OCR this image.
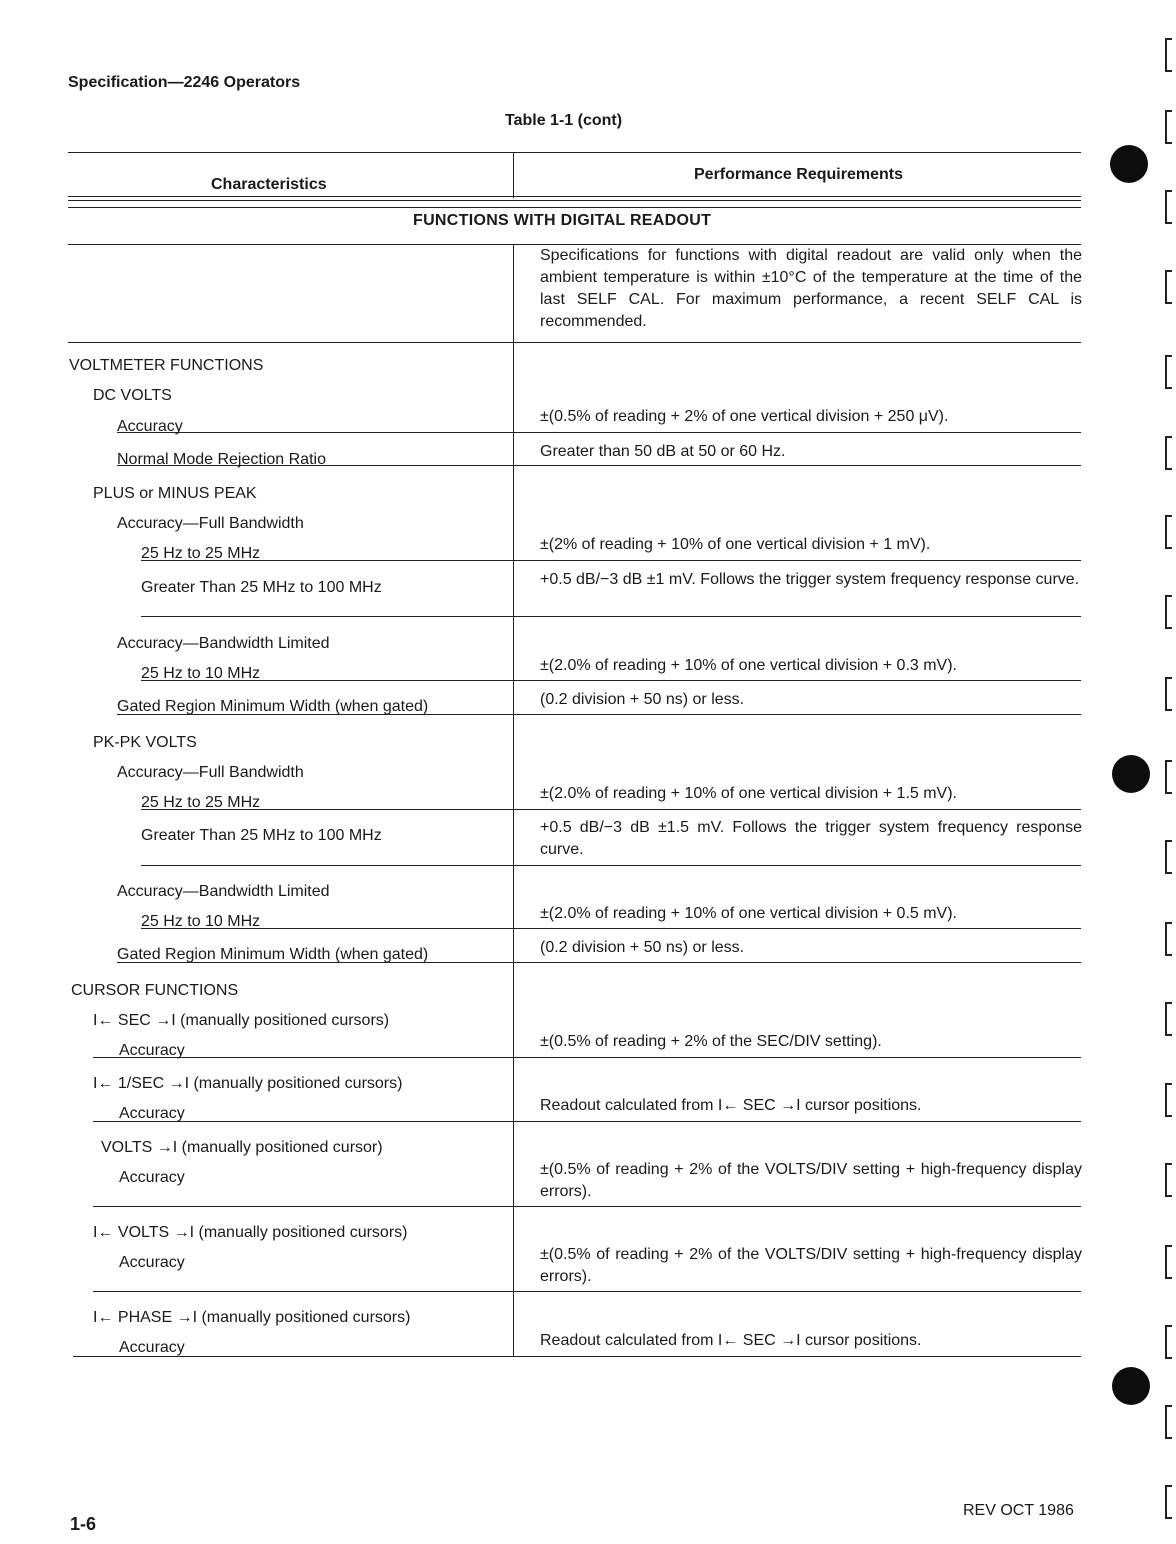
Specification—2246 Operators
Table 1-1 (cont)
Characteristics
Performance Requirements
FUNCTIONS WITH DIGITAL READOUT
Specifications for functions with digital readout are valid only when the ambient temperature is within ±10°C of the temperature at the time of the last SELF CAL. For maximum performance, a recent SELF CAL is recommended.
VOLTMETER FUNCTIONS
DC VOLTS
Accuracy
Normal Mode Rejection Ratio
PLUS or MINUS PEAK
Accuracy—Full Bandwidth
25 Hz to 25 MHz
Greater Than 25 MHz to 100 MHz
Accuracy—Bandwidth Limited
25 Hz to 10 MHz
Gated Region Minimum Width (when gated)
PK-PK VOLTS
Accuracy—Full Bandwidth
25 Hz to 25 MHz
Greater Than 25 MHz to 100 MHz
Accuracy—Bandwidth Limited
25 Hz to 10 MHz
Gated Region Minimum Width (when gated)
CURSOR FUNCTIONS
I← SEC →I (manually positioned cursors)
Accuracy
I← 1/SEC →I (manually positioned cursors)
Accuracy
VOLTS →I (manually positioned cursor)
Accuracy
I← VOLTS →I (manually positioned cursors)
Accuracy
I← PHASE →I (manually positioned cursors)
Accuracy
±(0.5% of reading + 2% of one vertical division + 250 μV).
Greater than 50 dB at 50 or 60 Hz.
±(2% of reading + 10% of one vertical division + 1 mV).
+0.5 dB/−3 dB ±1 mV. Follows the trigger system frequency response curve.
±(2.0% of reading + 10% of one vertical division + 0.3 mV).
(0.2 division + 50 ns) or less.
±(2.0% of reading + 10% of one vertical division + 1.5 mV).
+0.5 dB/−3 dB ±1.5 mV. Follows the trigger system frequency response curve.
±(2.0% of reading + 10% of one vertical division + 0.5 mV).
(0.2 division + 50 ns) or less.
±(0.5% of reading + 2% of the SEC/DIV setting).
Readout calculated from I← SEC →I cursor positions.
±(0.5% of reading + 2% of the VOLTS/DIV setting + high-frequency display errors).
±(0.5% of reading + 2% of the VOLTS/DIV setting + high-frequency display errors).
Readout calculated from I← SEC →I cursor positions.
1-6
REV OCT 1986
